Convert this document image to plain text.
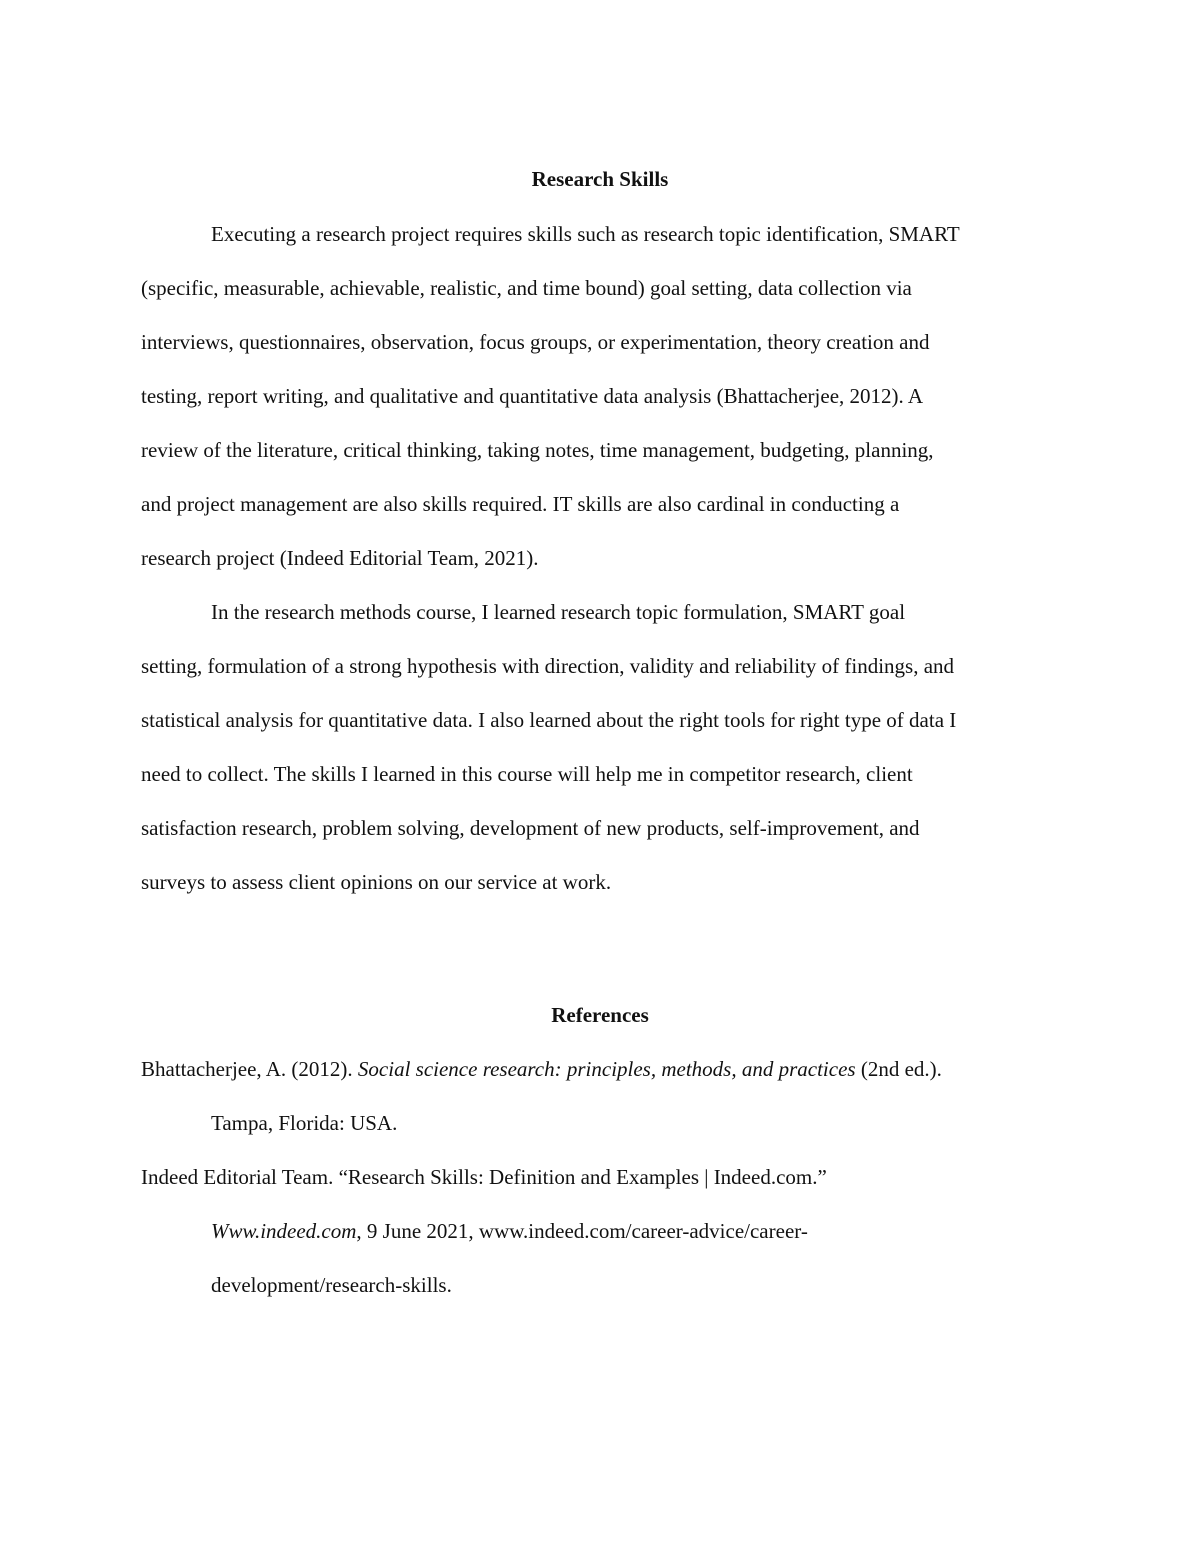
Research Skills
Executing a research project requires skills such as research topic identification, SMART
(specific, measurable, achievable, realistic, and time bound) goal setting, data collection via
interviews, questionnaires, observation, focus groups, or experimentation, theory creation and
testing, report writing, and qualitative and quantitative data analysis (Bhattacherjee, 2012). A
review of the literature, critical thinking, taking notes, time management, budgeting, planning,
and project management are also skills required. IT skills are also cardinal in conducting a
research project (Indeed Editorial Team, 2021).
In the research methods course, I learned research topic formulation, SMART goal
setting, formulation of a strong hypothesis with direction, validity and reliability of findings, and
statistical analysis for quantitative data. I also learned about the right tools for right type of data I
need to collect. The skills I learned in this course will help me in competitor research, client
satisfaction research, problem solving, development of new products, self-improvement, and
surveys to assess client opinions on our service at work.
References
Bhattacherjee, A. (2012). Social science research: principles, methods, and practices (2nd ed.).
Tampa, Florida: USA.
Indeed Editorial Team. “Research Skills: Definition and Examples | Indeed.com.”
Www.indeed.com, 9 June 2021, www.indeed.com/career-advice/career-
development/research-skills.
